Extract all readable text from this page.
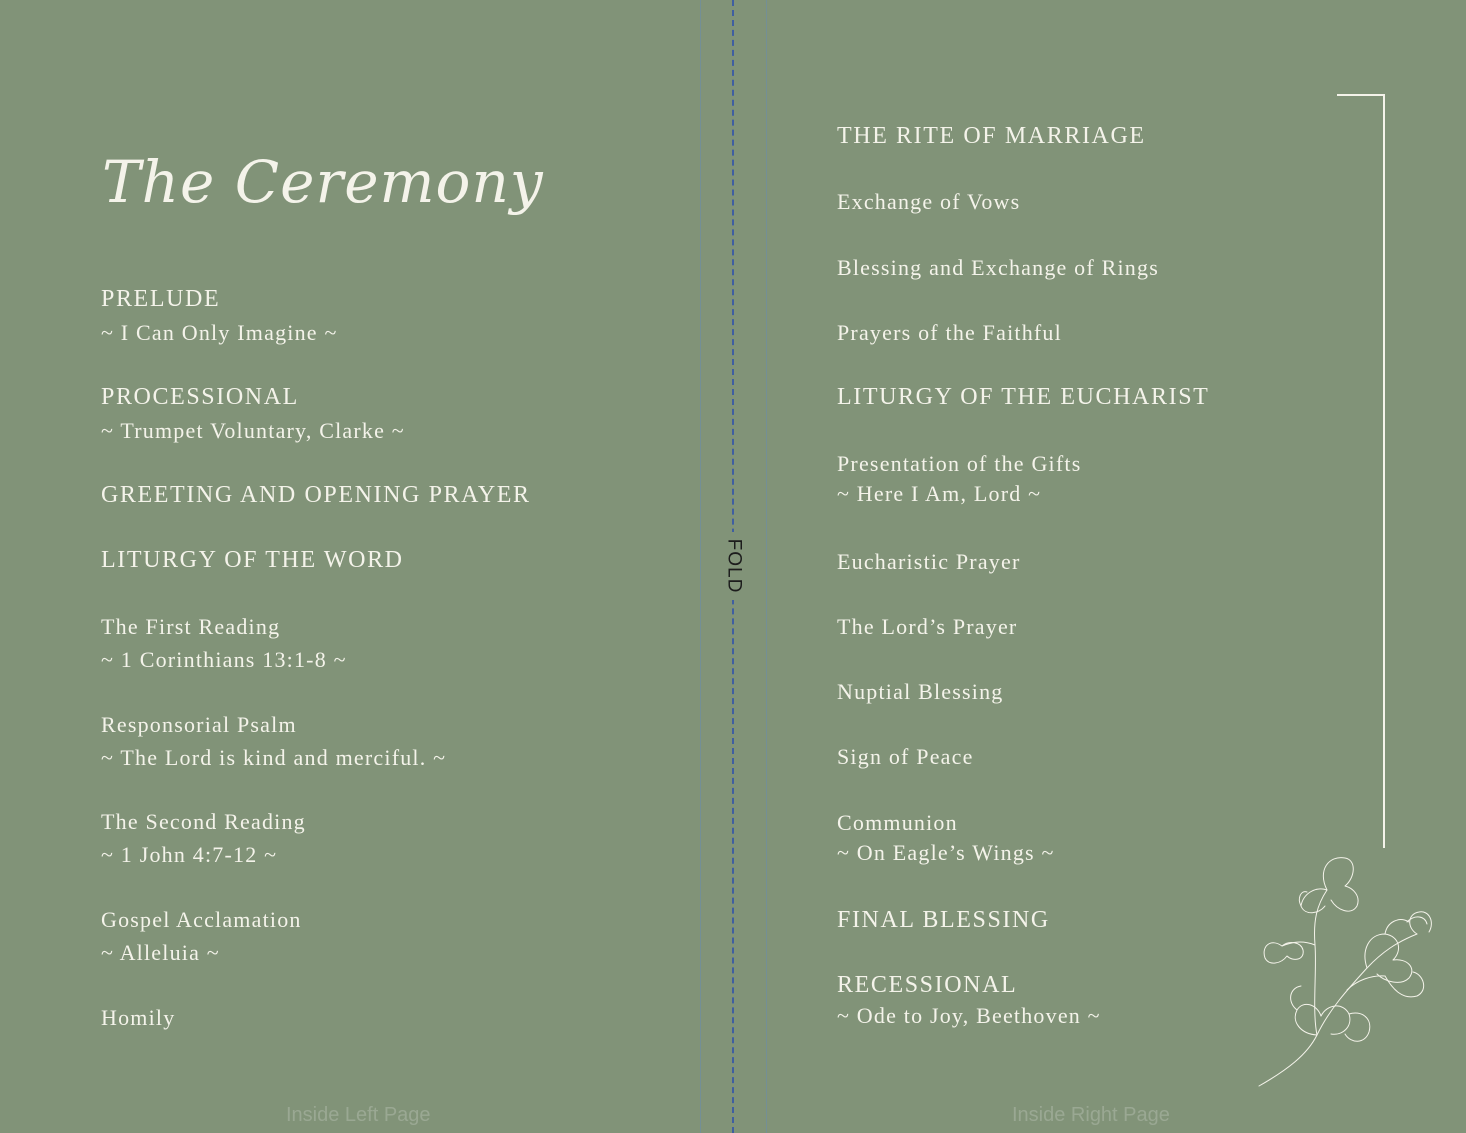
The Ceremony
PRELUDE
~ I Can Only Imagine ~
PROCESSIONAL
~ Trumpet Voluntary, Clarke ~
GREETING AND OPENING PRAYER
LITURGY OF THE WORD
The First Reading
~ 1 Corinthians 13:1-8 ~
Responsorial Psalm
~ The Lord is kind and merciful. ~
The Second Reading
~ 1 John 4:7-12 ~
Gospel Acclamation
~ Alleluia ~
Homily
Inside Left Page
FOLD
THE RITE OF MARRIAGE
Exchange of Vows
Blessing and Exchange of Rings
Prayers of the Faithful
LITURGY OF THE EUCHARIST
Presentation of the Gifts
~ Here I Am, Lord ~
Eucharistic Prayer
The Lord’s Prayer
Nuptial Blessing
Sign of Peace
Communion
~ On Eagle’s Wings ~
FINAL BLESSING
RECESSIONAL
~ Ode to Joy, Beethoven ~
Inside Right Page
